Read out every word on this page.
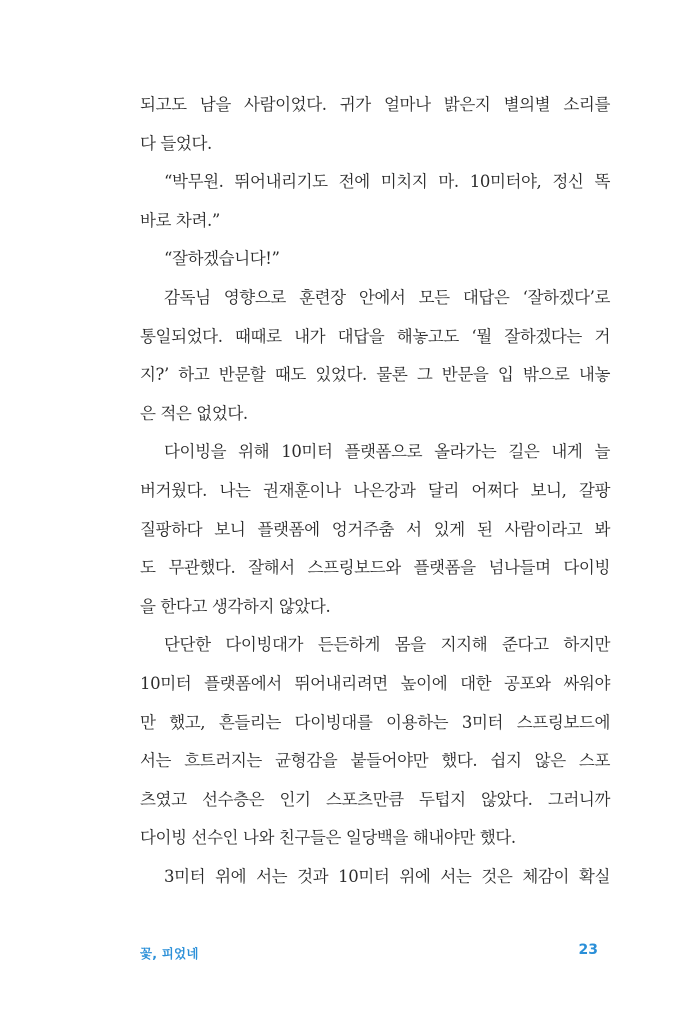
되고도 남을 사람이었다. 귀가 얼마나 밝은지 별의별 소리를
다 들었다.
“박무원. 뛰어내리기도 전에 미치지 마. 10미터야, 정신 똑
바로 차려.”
“잘하겠습니다!”
감독님 영향으로 훈련장 안에서 모든 대답은 ‘잘하겠다’로
통일되었다. 때때로 내가 대답을 해놓고도 ‘뭘 잘하겠다는 거
지?’ 하고 반문할 때도 있었다. 물론 그 반문을 입 밖으로 내놓
은 적은 없었다.
다이빙을 위해 10미터 플랫폼으로 올라가는 길은 내게 늘
버거웠다. 나는 권재훈이나 나은강과 달리 어쩌다 보니, 갈팡
질팡하다 보니 플랫폼에 엉거주춤 서 있게 된 사람이라고 봐
도 무관했다. 잘해서 스프링보드와 플랫폼을 넘나들며 다이빙
을 한다고 생각하지 않았다.
단단한 다이빙대가 든든하게 몸을 지지해 준다고 하지만
10미터 플랫폼에서 뛰어내리려면 높이에 대한 공포와 싸워야
만 했고, 흔들리는 다이빙대를 이용하는 3미터 스프링보드에
서는 흐트러지는 균형감을 붙들어야만 했다. 쉽지 않은 스포
츠였고 선수층은 인기 스포츠만큼 두텁지 않았다. 그러니까
다이빙 선수인 나와 친구들은 일당백을 해내야만 했다.
3미터 위에 서는 것과 10미터 위에 서는 것은 체감이 확실
꽃, 피었네	23
